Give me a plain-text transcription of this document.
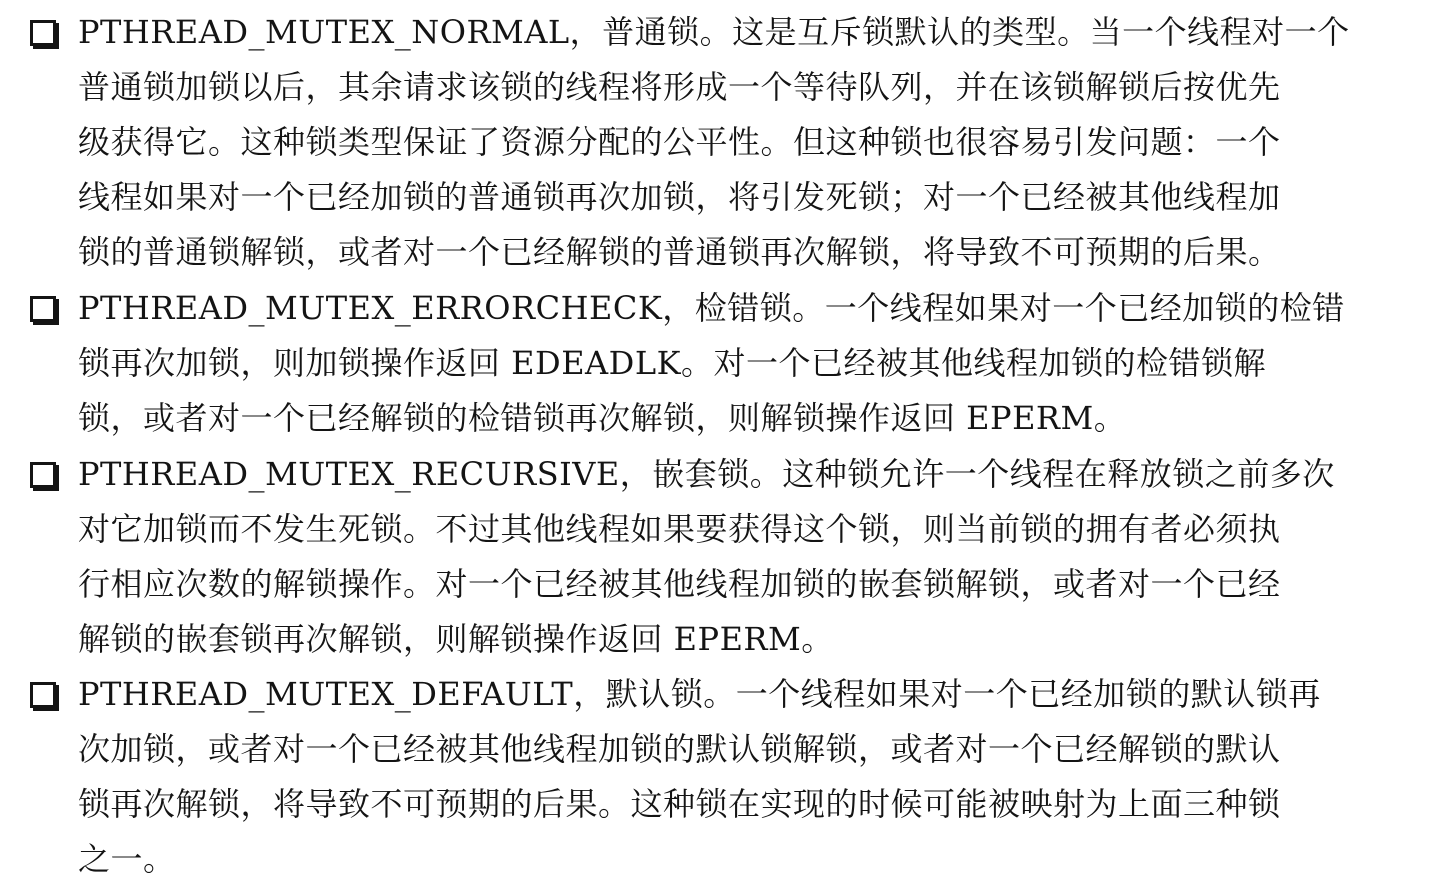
PTHREAD_MUTEX_NORMAL，普通锁。这是互斥锁默认的类型。当一个线程对一个
普通锁加锁以后，其余请求该锁的线程将形成一个等待队列，并在该锁解锁后按优先
级获得它。这种锁类型保证了资源分配的公平性。但这种锁也很容易引发问题：一个
线程如果对一个已经加锁的普通锁再次加锁，将引发死锁；对一个已经被其他线程加
锁的普通锁解锁，或者对一个已经解锁的普通锁再次解锁，将导致不可预期的后果。
PTHREAD_MUTEX_ERRORCHECK，检错锁。一个线程如果对一个已经加锁的检错
锁再次加锁，则加锁操作返回 EDEADLK。对一个已经被其他线程加锁的检错锁解
锁，或者对一个已经解锁的检错锁再次解锁，则解锁操作返回 EPERM。
PTHREAD_MUTEX_RECURSIVE，嵌套锁。这种锁允许一个线程在释放锁之前多次
对它加锁而不发生死锁。不过其他线程如果要获得这个锁，则当前锁的拥有者必须执
行相应次数的解锁操作。对一个已经被其他线程加锁的嵌套锁解锁，或者对一个已经
解锁的嵌套锁再次解锁，则解锁操作返回 EPERM。
PTHREAD_MUTEX_DEFAULT，默认锁。一个线程如果对一个已经加锁的默认锁再
次加锁，或者对一个已经被其他线程加锁的默认锁解锁，或者对一个已经解锁的默认
锁再次解锁，将导致不可预期的后果。这种锁在实现的时候可能被映射为上面三种锁
之一。
